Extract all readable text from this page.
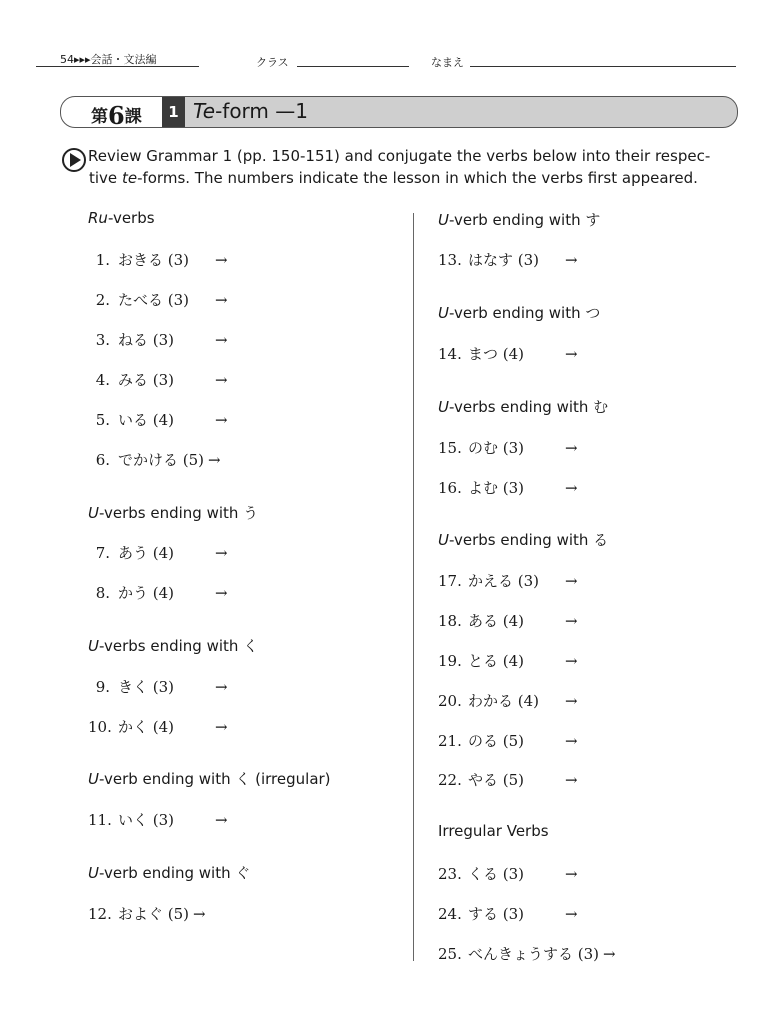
54▸▸▸会話・文法編	クラス	なまえ
第6課	1 Te-form —1
Review Grammar 1 (pp. 150-151) and conjugate the verbs below into their respec-
tive te-forms. The numbers indicate the lesson in which the verbs first appeared.
Ru-verbs
U-verbs ending with う
U-verbs ending with く
U-verb ending with く (irregular)
U-verb ending with ぐ
U-verb ending with す
U-verb ending with つ
U-verbs ending with む
U-verbs ending with る
Irregular Verbs
1. おきる (3) →
2. たべる (3) →
3. ねる (3)	→
4. みる (3)	→
5. いる (4)	→
6. でかける (5) →
7. あう (4)	→
8. かう (4)	→
9. きく (3)	→
10. かく (4)	→
11. いく (3)	→
12. およぐ (5) →
13. はなす (3) →
14. まつ (4)	→
15. のむ (3)	→
16. よむ (3)	→
17. かえる (3) →
18. ある (4)	→
19. とる (4)	→
20. わかる (4) →
21. のる (5)	→
22. やる (5)	→
23. くる (3)	→
24. する (3)	→
25. べんきょうする (3) →
